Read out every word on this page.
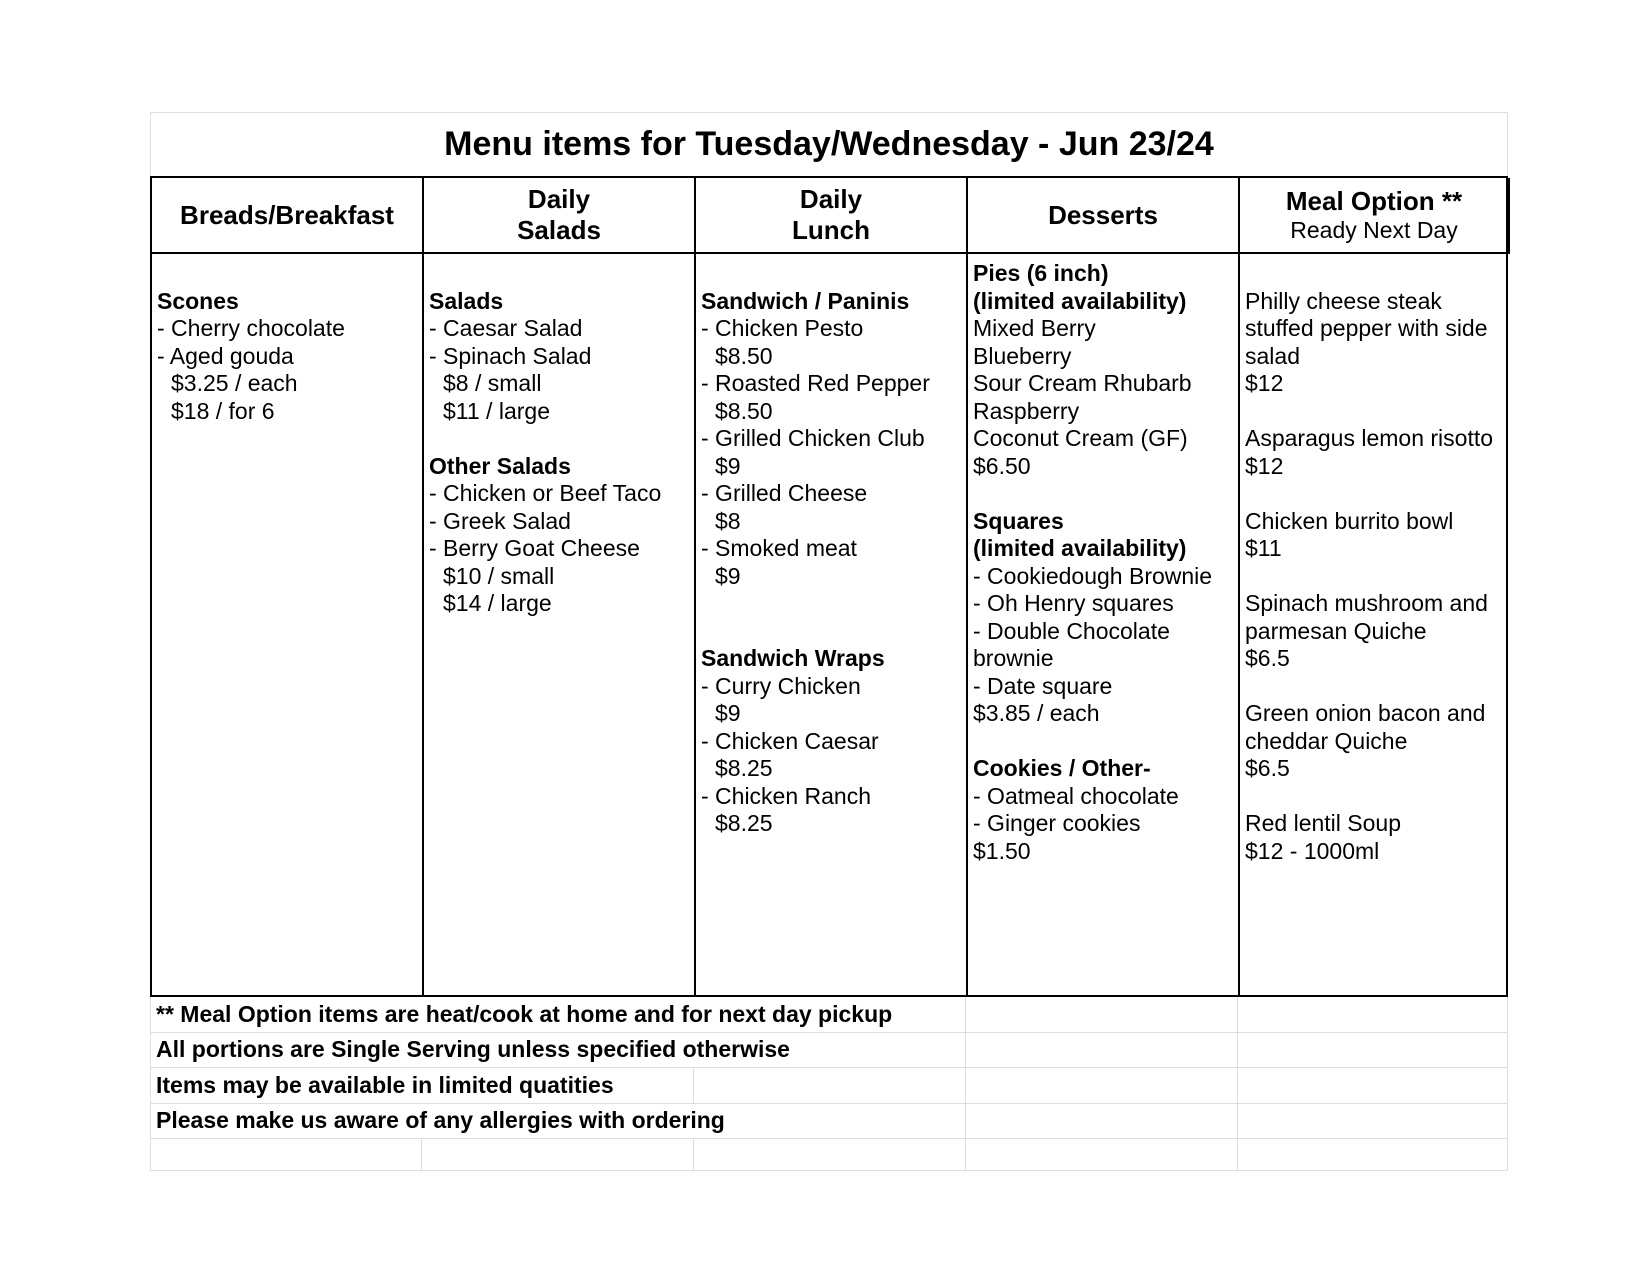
Menu items for Tuesday/Wednesday - Jun 23/24
Breads/Breakfast
Daily
Salads
Daily
Lunch
Desserts	Meal Option **
Ready Next Day
Scones
- Cherry chocolate
- Aged gouda
$3.25 / each
$18 / for 6
Salads
- Caesar Salad
- Spinach Salad
$8 / small
$11 / large
Other Salads
- Chicken or Beef Taco
- Greek Salad
- Berry Goat Cheese
$10 / small
$14 / large
Sandwich / Paninis
- Chicken Pesto
$8.50
- Roasted Red Pepper
$8.50
- Grilled Chicken Club
$9
- Grilled Cheese
$8
- Smoked meat
$9
Sandwich Wraps
- Curry Chicken
$9
- Chicken Caesar
$8.25
- Chicken Ranch
$8.25
Pies (6 inch)
(limited availability)
Mixed Berry
Blueberry
Sour Cream Rhubarb
Raspberry
Coconut Cream (GF)
$6.50
Squares
(limited availability)
- Cookiedough Brownie
- Oh Henry squares
- Double Chocolate
brownie
- Date square
$3.85 / each
Cookies / Other-
- Oatmeal chocolate
- Ginger cookies
$1.50
Philly cheese steak
stuffed pepper with side
salad
$12
Asparagus lemon risotto
$12
Chicken burrito bowl
$11
Spinach mushroom and
parmesan Quiche
$6.5
Green onion bacon and
cheddar Quiche
$6.5
Red lentil Soup
$12 - 1000ml
** Meal Option items are heat/cook at home and for next day pickup
All portions are Single Serving unless specified otherwise
Items may be available in limited quatities
Please make us aware of any allergies with ordering
